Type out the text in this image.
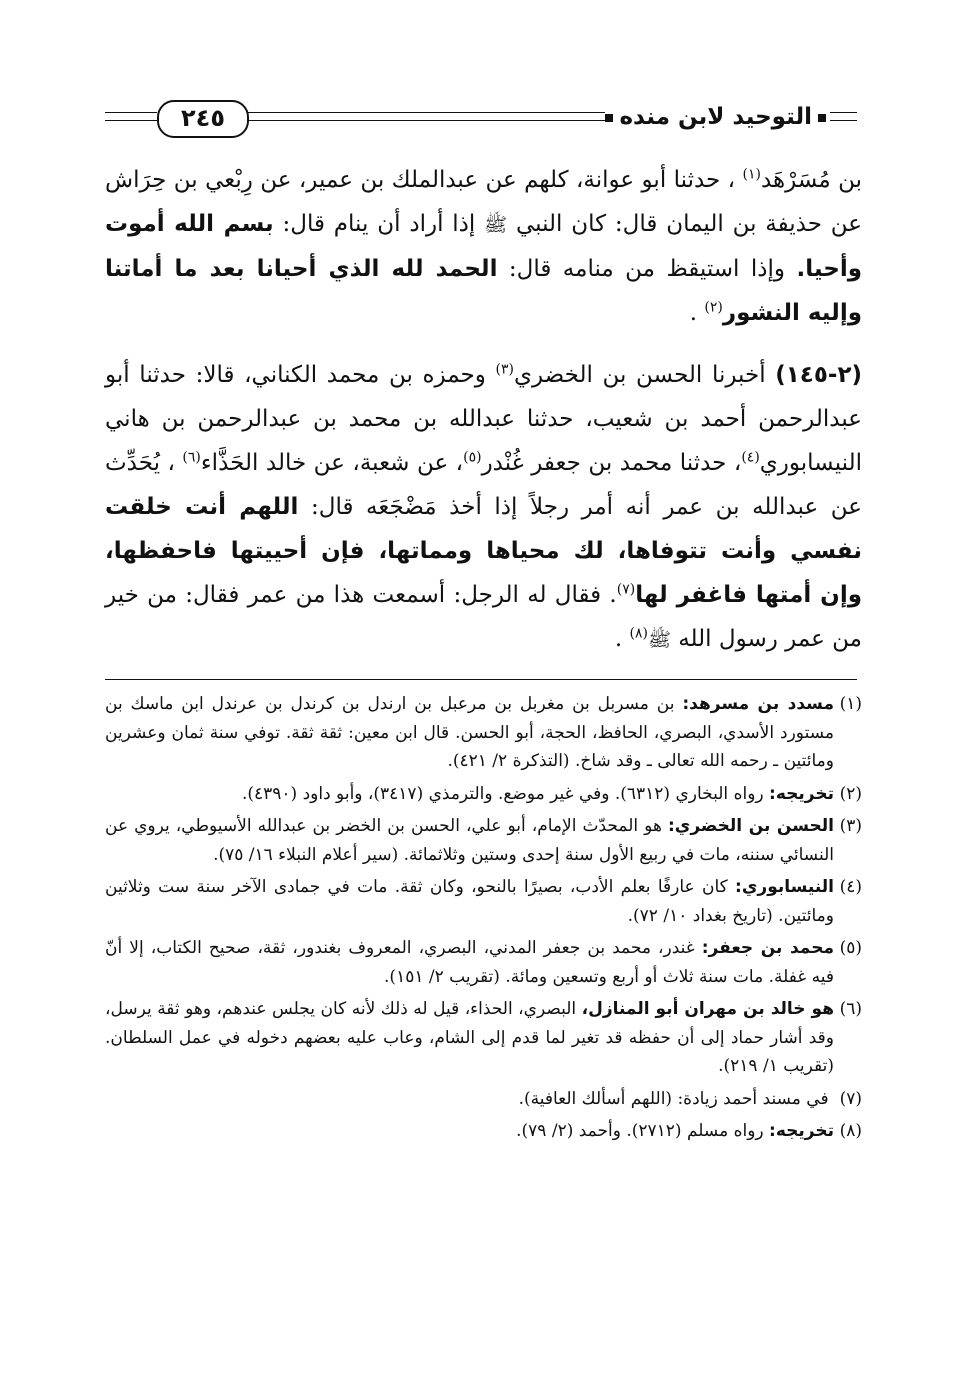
٢٤٥	التوحيد لابن منده

بن مُسَرْهَد$^{(١)}$ ، حدثنا أبو عوانة، كلهم عن عبدالملك بن عمير، عن رِبْعي بن حِرَاش عن حذيفة بن اليمان قال: كان النبي ﷺ إذا أراد أن ينام قال: بسم الله أموت وأحيا. وإذا استيقظ من منامه قال: الحمد لله الذي أحيانا بعد ما أماتنا وإليه النشور$^{(٢)}$ .

(٢-١٤٥) أخبرنا الحسن بن الخضري$^{(٣)}$ وحمزه بن محمد الكناني، قالا: حدثنا أبو عبدالرحمن أحمد بن شعيب، حدثنا عبدالله بن محمد بن عبدالرحمن بن هاني النيسابوري$^{(٤)}$، حدثنا محمد بن جعفر غُنْدر$^{(٥)}$، عن شعبة، عن خالد الحَذَّاء$^{(٦)}$ ، يُحَدِّث عن عبدالله بن عمر أنه أمر رجلاً إذا أخذ مَضْجَعَه قال: اللهم أنت خلقت نفسي وأنت تتوفاها، لك محياها ومماتها، فإن أحييتها فاحفظها، وإن أمتها فاغفر لها$^{(٧)}$. فقال له الرجل: أسمعت هذا من عمر فقال: من خير من عمر رسول الله ﷺ$^{(٨)}$ .

(١)مسدد بن مسرهد: بن مسربل بن مغربل بن مرعبل بن ارندل بن كرندل بن عرندل ابن ماسك بن مستورد الأسدي، البصري، الحافظ، الحجة، أبو الحسن. قال ابن معين: ثقة ثقة. توفي سنة ثمان وعشرين ومائتين ـ رحمه الله تعالى ـ وقد شاخ. (التذكرة ٢/ ٤٢١).

(٢)تخريجه: رواه البخاري (٦٣١٢). وفي غير موضع. والترمذي (٣٤١٧)، وأبو داود (٤٣٩٠).

(٣)الحسن بن الخضري: هو المحدّث الإمام، أبو علي، الحسن بن الخضر بن عبدالله الأسيوطي، يروي عن النسائي سننه، مات في ربيع الأول سنة إحدى وستين وثلاثمائة. (سير أعلام النبلاء ١٦/ ٧٥).

(٤)النيسابوري: كان عارفًا بعلم الأدب، بصيرًا بالنحو، وكان ثقة. مات في جمادى الآخر سنة ست وثلاثين ومائتين. (تاريخ بغداد ١٠/ ٧٢).

(٥)محمد بن جعفر: غندر، محمد بن جعفر المدني، البصري، المعروف بغندور، ثقة، صحيح الكتاب، إلا أنّ فيه غفلة. مات سنة ثلاث أو أربع وتسعين ومائة. (تقريب ٢/ ١٥١).

(٦)هو خالد بن مهران أبو المنازل، البصري، الحذاء، قيل له ذلك لأنه كان يجلس عندهم، وهو ثقة يرسل، وقد أشار حماد إلى أن حفظه قد تغير لما قدم إلى الشام، وعاب عليه بعضهم دخوله في عمل السلطان. (تقريب ١/ ٢١٩).

(٧) في مسند أحمد زيادة: (اللهم أسألك العافية).

(٨)تخريجه: رواه مسلم (٢٧١٢). وأحمد (٢/ ٧٩).
